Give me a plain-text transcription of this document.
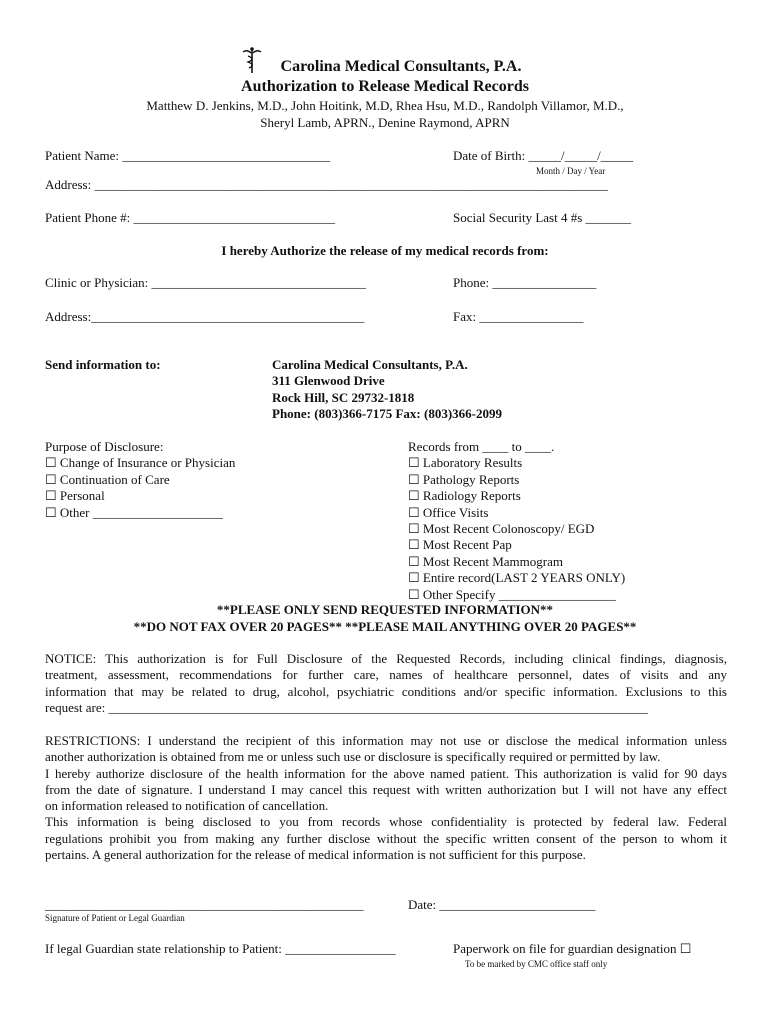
Carolina Medical Consultants, P.A.
Authorization to Release Medical Records
Matthew D. Jenkins, M.D., John Hoitink, M.D, Rhea Hsu, M.D., Randolph Villamor, M.D.,
Sheryl Lamb, APRN., Denine Raymond, APRN
Patient Name: ________________________________	Date of Birth: _____/_____/_____
Month / Day / Year
Address: _______________________________________________________________________________
Patient Phone #: _______________________________	Social Security Last 4 #s _______
I hereby Authorize the release of my medical records from:
Clinic or Physician: _________________________________	Phone: ________________
Address:__________________________________________	Fax: ________________
Send information to:	Carolina Medical Consultants, P.A.
311 Glenwood Drive
Rock Hill, SC 29732-1818
Phone: (803)366-7175 Fax: (803)366-2099
Purpose of Disclosure:
☐ Change of Insurance or Physician
☐ Continuation of Care
☐ Personal
☐ Other ____________________
Records from ____ to ____.
☐ Laboratory Results
☐ Pathology Reports
☐ Radiology Reports
☐ Office Visits
☐ Most Recent Colonoscopy/ EGD
☐ Most Recent Pap
☐ Most Recent Mammogram
☐ Entire record(LAST 2 YEARS ONLY)
☐ Other Specify __________________
**PLEASE ONLY SEND REQUESTED INFORMATION**
**DO NOT FAX OVER 20 PAGES** **PLEASE MAIL ANYTHING OVER 20 PAGES**
NOTICE: This authorization is for Full Disclosure of the Requested Records, including clinical findings, diagnosis,
treatment, assessment, recommendations for further care, names of healthcare personnel, dates of visits and any
information that may be related to drug, alcohol, psychiatric conditions and/or specific information. Exclusions to this
request are: ___________________________________________________________________________________
RESTRICTIONS: I understand the recipient of this information may not use or disclose the medical information unless
another authorization is obtained from me or unless such use or disclosure is specifically required or permitted by law.
I hereby authorize disclosure of the health information for the above named patient. This authorization is valid for 90 days
from the date of signature. I understand I may cancel this request with written authorization but I will not have any effect
on information released to notification of cancellation.
This information is being disclosed to you from records whose confidentiality is protected by federal law. Federal
regulations prohibit you from making any further disclose without the specific written consent of the person to whom it
pertains. A general authorization for the release of medical information is not sufficient for this purpose.
_________________________________________________
Signature of Patient or Legal Guardian
Date: ________________________
If legal Guardian state relationship to Patient: _________________	Paperwork on file for guardian designation ☐
To be marked by CMC office staff only
